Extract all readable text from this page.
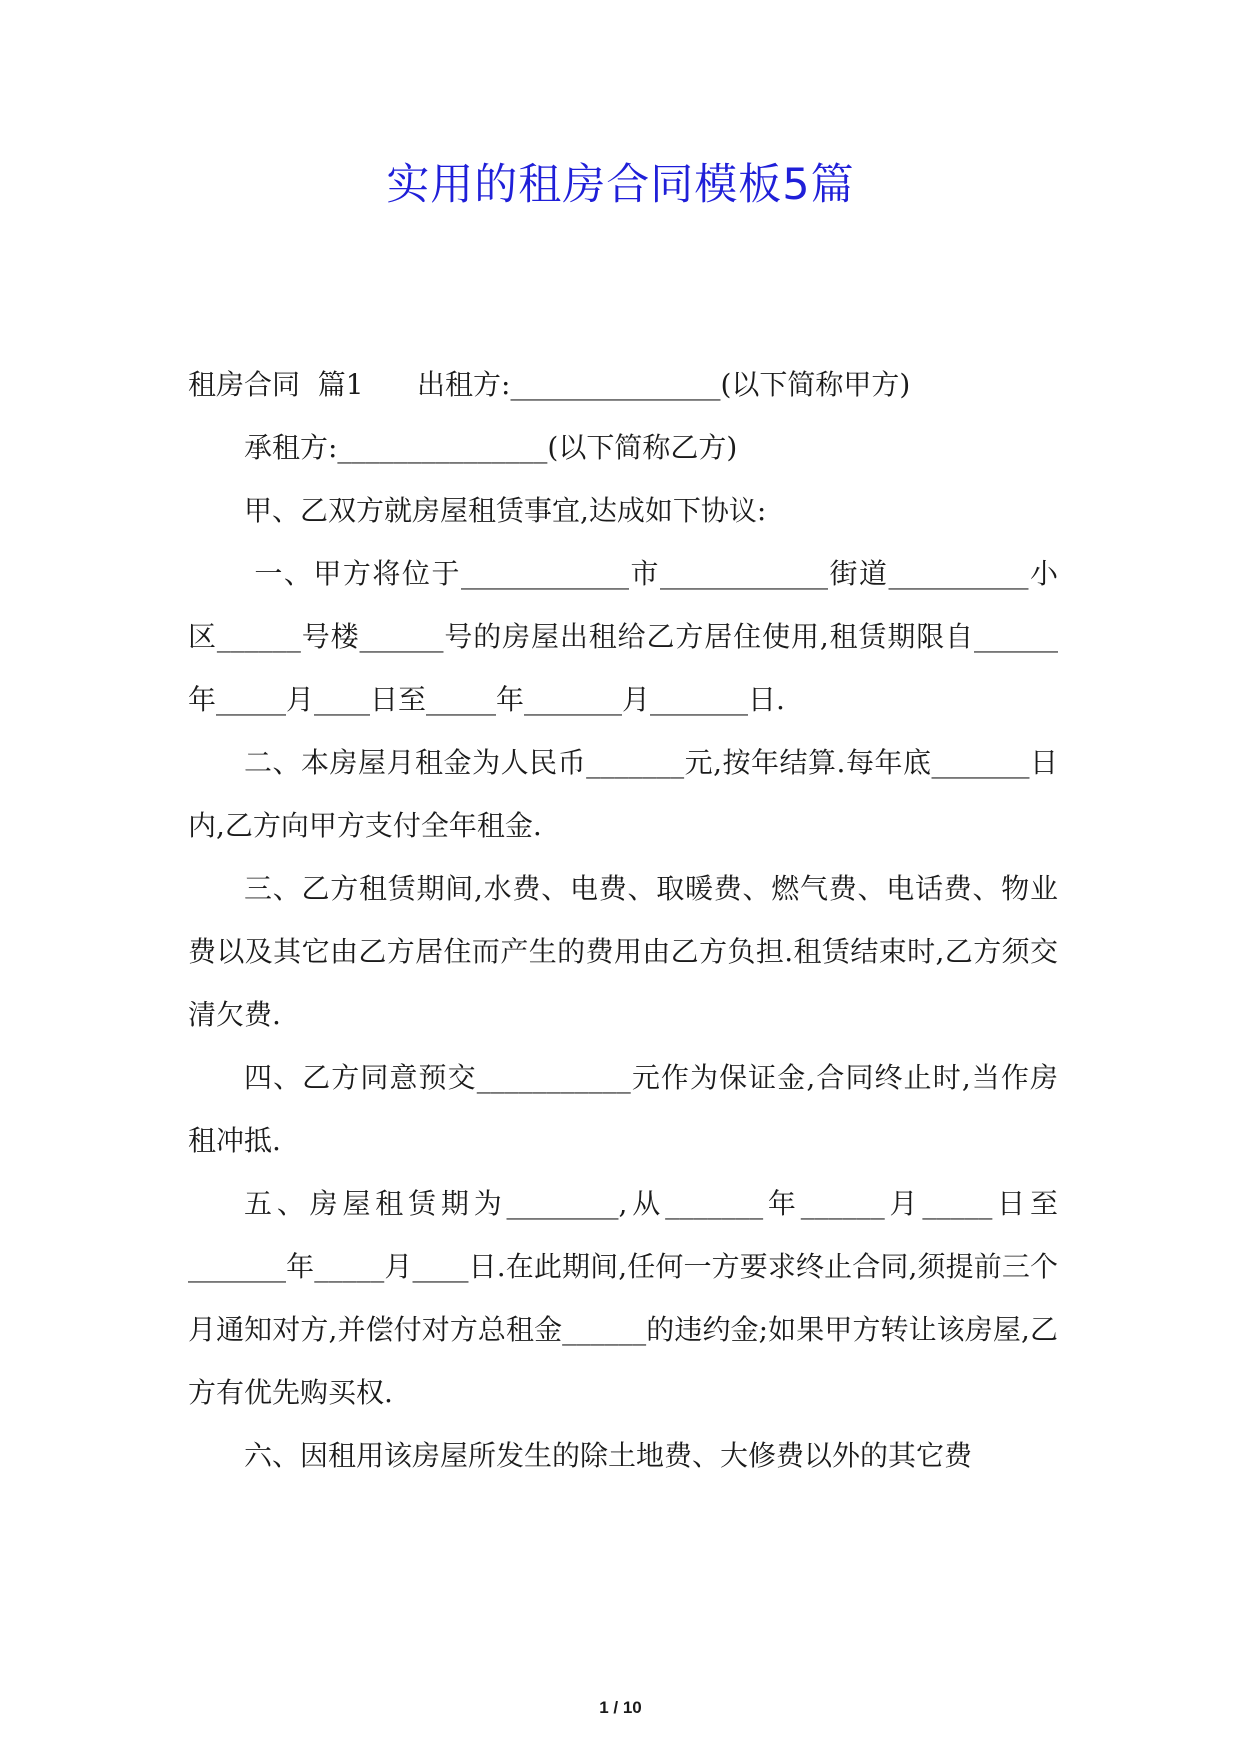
实用的租房合同模板5篇

租房合同  篇1      出租方:_______________(以下简称甲方)

承租方:_______________(以下简称乙方)

甲、乙双方就房屋租赁事宜,达成如下协议:

一、甲方将位于____________市____________街道__________小区______号楼______号的房屋出租给乙方居住使用,租赁期限自______年_____月____日至_____年_______月_______日.

二、本房屋月租金为人民币_______元,按年结算.每年底_______日内,乙方向甲方支付全年租金.

三、乙方租赁期间,水费、电费、取暖费、燃气费、电话费、物业费以及其它由乙方居住而产生的费用由乙方负担.租赁结束时,乙方须交清欠费.

四、乙方同意预交___________元作为保证金,合同终止时,当作房租冲抵.

五、房屋租赁期为________,从_______年______月_____日至_______年_____月____日.在此期间,任何一方要求终止合同,须提前三个月通知对方,并偿付对方总租金______的违约金;如果甲方转让该房屋,乙方有优先购买权.

六、因租用该房屋所发生的除土地费、大修费以外的其它费

1 / 10
